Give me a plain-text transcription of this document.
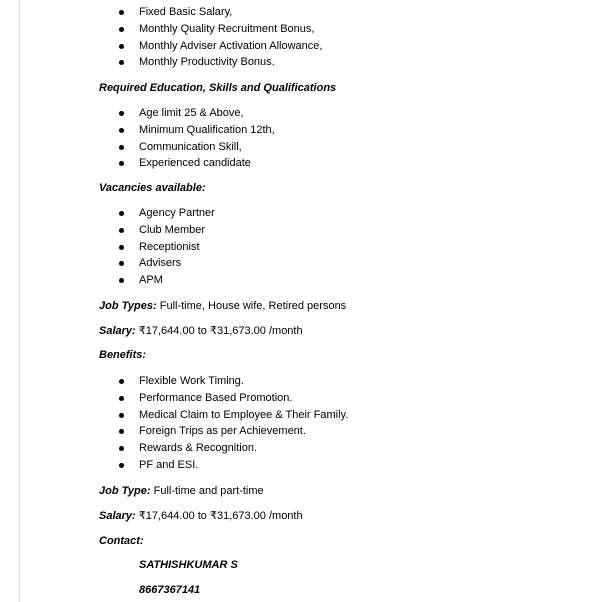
Fixed Basic Salary,
Monthly Quality Recruitment Bonus,
Monthly Adviser Activation Allowance,
Monthly Productivity Bonus.
Required Education, Skills and Qualifications
Age limit 25 & Above,
Minimum Qualification 12th,
Communication Skill,
Experienced candidate
Vacancies available:
Agency Partner
Club Member
Receptionist
Advisers
APM
Job Types: Full-time, House wife, Retired persons
Salary: ₹17,644.00 to ₹31,673.00 /month
Benefits:
Flexible Work Timing.
Performance Based Promotion.
Medical Claim to Employee & Their Family.
Foreign Trips as per Achievement.
Rewards & Recognition.
PF and ESI.
Job Type: Full-time and part-time
Salary: ₹17,644.00 to ₹31,673.00 /month
Contact:
SATHISHKUMAR S
8667367141
